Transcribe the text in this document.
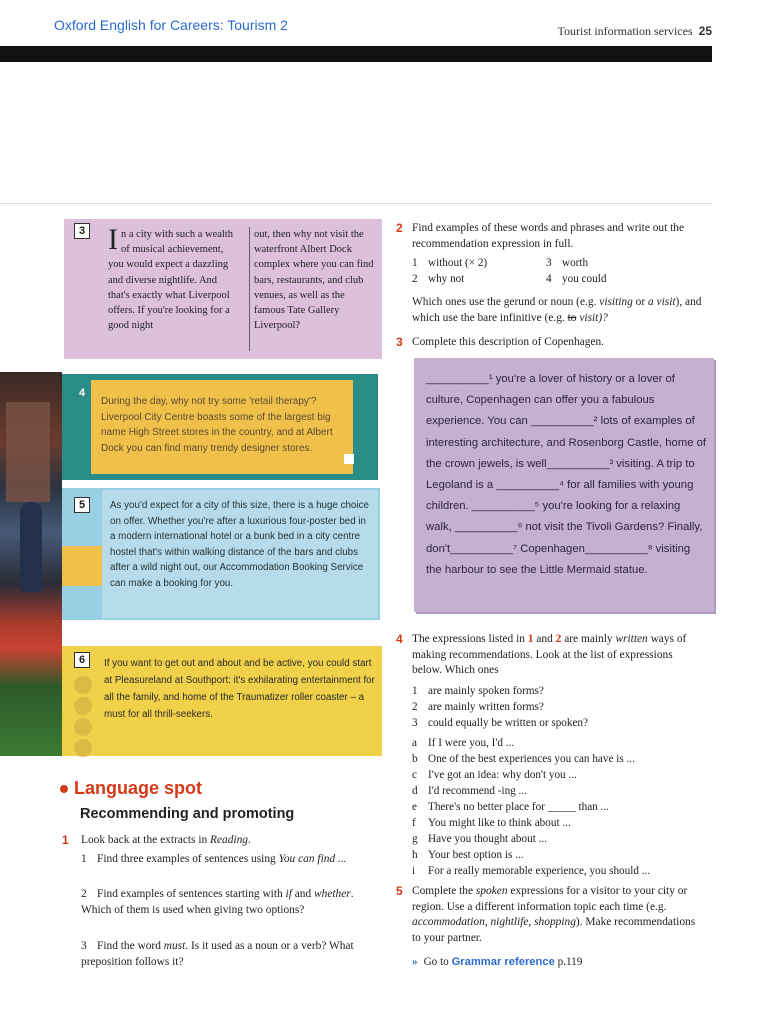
Oxford English for Careers: Tourism 2	Tourist information services 25
3 In a city with such a wealth of musical achievement, you would expect a dazzling and diverse nightlife. And that's exactly what Liverpool offers. If you're looking for a good night
out, then why not visit the waterfront Albert Dock complex where you can find bars, restaurants, and club venues, as well as the famous Tate Gallery Liverpool?
4
During the day, why not try some 'retail therapy'? Liverpool City Centre boasts some of the largest big name High Street stores in the country, and at Albert Dock you can find many trendy designer stores.
5	As you'd expect for a city of this size, there is a huge choice on offer. Whether you're after a luxurious four-poster bed in a modern international hotel or a bunk bed in a city centre hostel that's within walking distance of the bars and clubs after a wild night out, our Accommodation Booking Service can make a booking for you.
6	If you want to get out and about and be active, you could start at Pleasureland at Southport: it's exhilarating entertainment for all the family, and home of the Traumatizer roller coaster – a must for all thrill-seekers.
Language spot
Recommending and promoting
1 Look back at the extracts in Reading.
1 Find three examples of sentences using You can find ...
2 Find examples of sentences starting with if and whether. Which of them is used when giving two options?
3 Find the word must. Is it used as a noun or a verb? What preposition follows it?
2 Find examples of these words and phrases and write out the recommendation expression in full.
1 without (× 2)	3 worth
2 why not	4 you could
Which ones use the gerund or noun (e.g. visiting or a visit), and which use the bare infinitive (e.g. to visit)?
3 Complete this description of Copenhagen.
__________¹ you're a lover of history or a lover of culture, Copenhagen can offer you a fabulous experience. You can __________² lots of examples of interesting architecture, and Rosenborg Castle, home of the crown jewels, is well__________³ visiting. A trip to Legoland is a __________⁴ for all families with young children. __________⁵ you're looking for a relaxing walk, __________⁶ not visit the Tivoli Gardens? Finally, don't__________⁷ Copenhagen__________⁸ visiting the harbour to see the Little Mermaid statue.
4 The expressions listed in 1 and 2 are mainly written ways of making recommendations. Look at the list of expressions below. Which ones
1 are mainly spoken forms?
2 are mainly written forms?
3 could equally be written or spoken?
a If I were you, I'd ...
b One of the best experiences you can have is ...
c I've got an idea: why don't you ...
d I'd recommend -ing ...
e There's no better place for _____ than ...
f You might like to think about ...
g Have you thought about ...
h Your best option is ...
i For a really memorable experience, you should ...
5 Complete the spoken expressions for a visitor to your city or region. Use a different information topic each time (e.g. accommodation, nightlife, shopping). Make recommendations to your partner.
» Go to Grammar reference p.119
